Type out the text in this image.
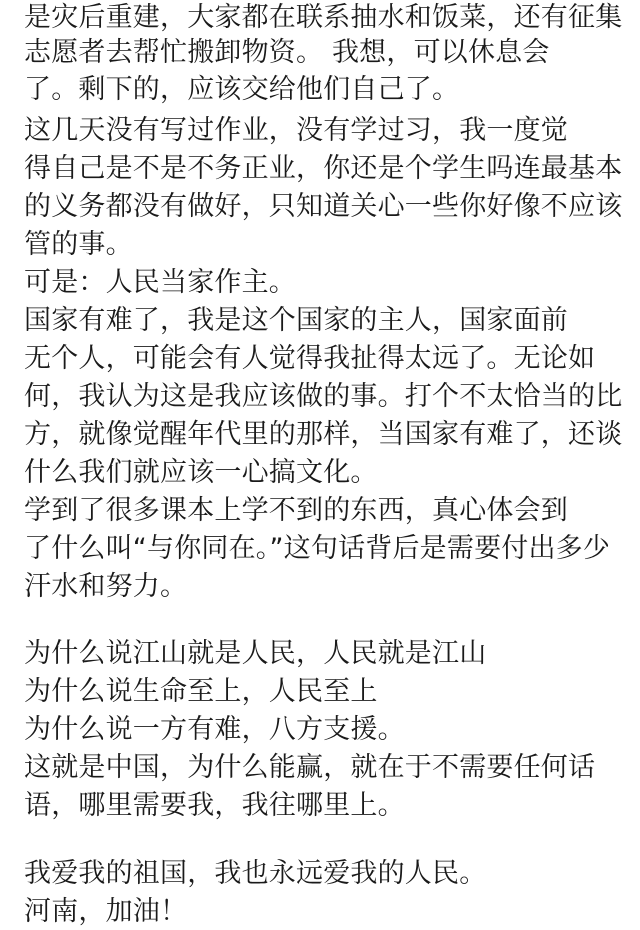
是灾后重建，大家都在联系抽水和饭菜，还有征集
志愿者去帮忙搬卸物资。 我想，可以休息会
了。剩下的，应该交给他们自己了。
这几天没有写过作业，没有学过习，我一度觉
得自己是不是不务正业，你还是个学生吗连最基本
的义务都没有做好，只知道关心一些你好像不应该
管的事。
可是：人民当家作主。
国家有难了，我是这个国家的主人，国家面前
无个人，可能会有人觉得我扯得太远了。无论如
何，我认为这是我应该做的事。打个不太恰当的比
方，就像觉醒年代里的那样，当国家有难了，还谈
什么我们就应该一心搞文化。
学到了很多课本上学不到的东西，真心体会到
了什么叫“与你同在。”这句话背后是需要付出多少
汗水和努力。
为什么说江山就是人民，人民就是江山
为什么说生命至上，人民至上
为什么说一方有难，八方支援。
这就是中国，为什么能赢，就在于不需要任何话
语，哪里需要我，我往哪里上。
我爱我的祖国，我也永远爱我的人民。
河南，加油！
